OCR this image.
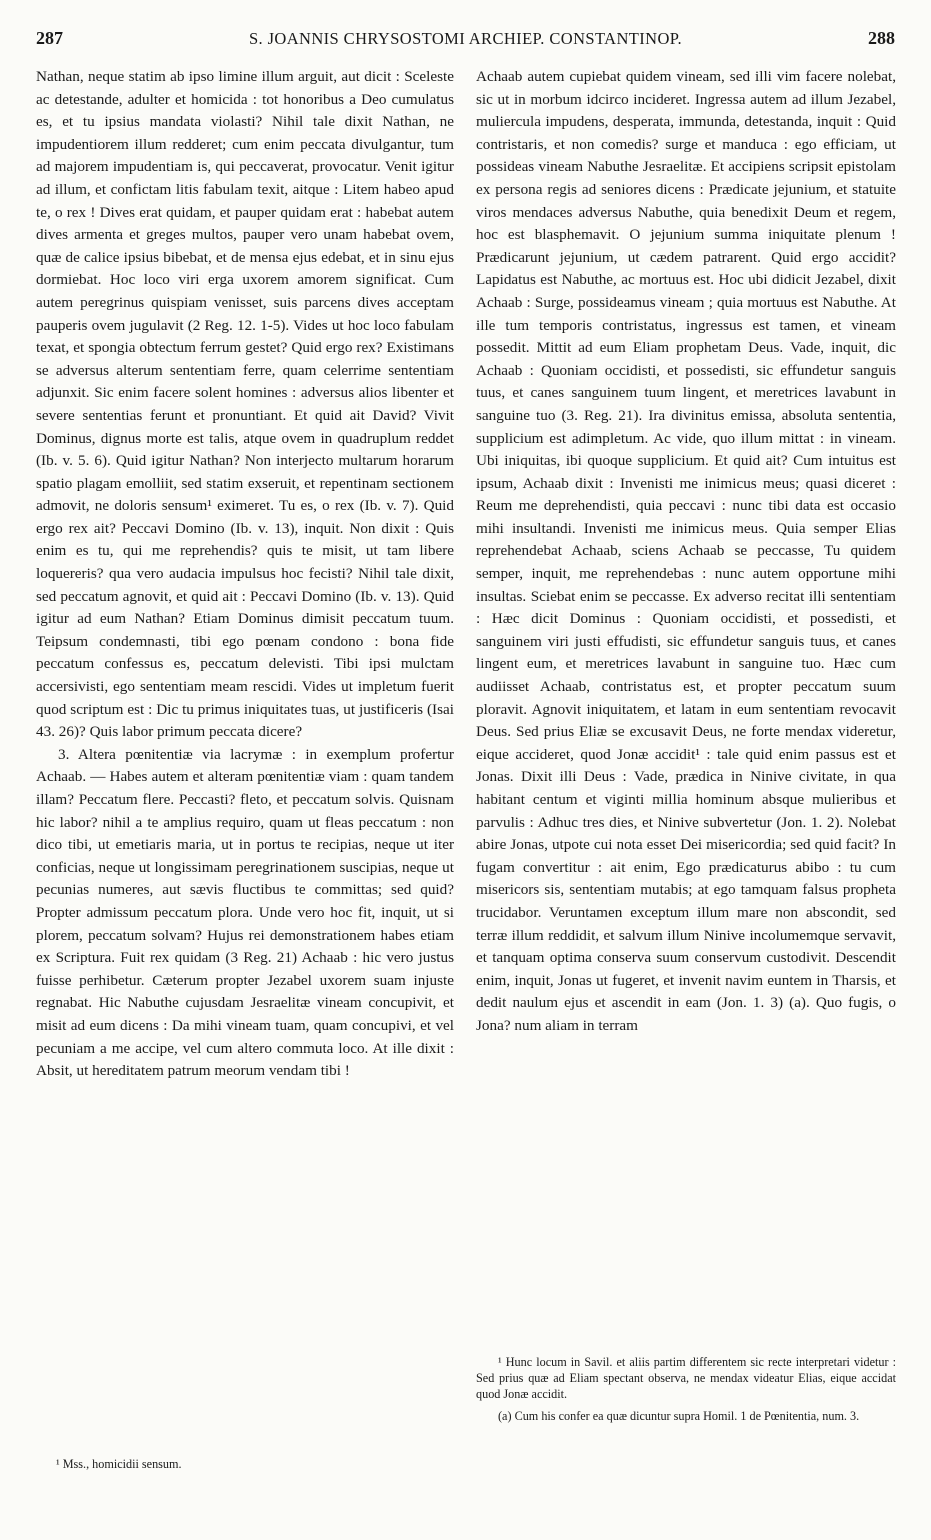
287	S. JOANNIS CHRYSOSTOMI ARCHIEP. CONSTANTINOP.	288

Nathan, neque statim ab ipso limine illum arguit, aut dicit : Sceleste ac detestande, adulter et homicida : tot honoribus a Deo cumulatus es, et tu ipsius mandata violasti? Nihil tale dixit Nathan, ne impudentiorem illum redderet; cum enim peccata divulgantur, tum ad majorem impudentiam is, qui peccaverat, provocatur. Venit igitur ad illum, et confictam litis fabulam texit, aitque : Litem habeo apud te, o rex ! Dives erat quidam, et pauper quidam erat : habebat autem dives armenta et greges multos, pauper vero unam habebat ovem, quæ de calice ipsius bibebat, et de mensa ejus edebat, et in sinu ejus dormiebat. Hoc loco viri erga uxorem amorem significat. Cum autem peregrinus quispiam venisset, suis parcens dives acceptam pauperis ovem jugulavit (2 Reg. 12. 1-5). Vides ut hoc loco fabulam texat, et spongia obtectum ferrum gestet? Quid ergo rex? Existimans se adversus alterum sententiam ferre, quam celerrime sententiam adjunxit. Sic enim facere solent homines : adversus alios libenter et severe sententias ferunt et pronuntiant. Et quid ait David? Vivit Dominus, dignus morte est talis, atque ovem in quadruplum reddet (Ib. v. 5. 6). Quid igitur Nathan? Non interjecto multarum horarum spatio plagam emolliit, sed statim exseruit, et repentinam sectionem admovit, ne doloris sensum¹ eximeret. Tu es, o rex (Ib. v. 7). Quid ergo rex ait? Peccavi Domino (Ib. v. 13), inquit. Non dixit : Quis enim es tu, qui me reprehendis? quis te misit, ut tam libere loquereris? qua vero audacia impulsus hoc fecisti? Nihil tale dixit, sed peccatum agnovit, et quid ait : Peccavi Domino (Ib. v. 13). Quid igitur ad eum Nathan? Etiam Dominus dimisit peccatum tuum. Teipsum condemnasti, tibi ego pœnam condono : bona fide peccatum confessus es, peccatum delevisti. Tibi ipsi mulctam accersivisti, ego sententiam meam rescidi. Vides ut impletum fuerit quod scriptum est : Dic tu primus iniquitates tuas, ut justificeris (Isai 43. 26)? Quis labor primum peccata dicere?

3. Altera pœnitentiæ via lacrymæ : in exemplum profertur Achaab. — Habes autem et alteram pœnitentiæ viam : quam tandem illam? Peccatum flere. Peccasti? fleto, et peccatum solvis. Quisnam hic labor? nihil a te amplius requiro, quam ut fleas peccatum : non dico tibi, ut emetiaris maria, ut in portus te recipias, neque ut iter conficias, neque ut longissimam peregrinationem suscipias, neque ut pecunias numeres, aut sævis fluctibus te committas; sed quid? Propter admissum peccatum plora. Unde vero hoc fit, inquit, ut si plorem, peccatum solvam? Hujus rei demonstrationem habes etiam ex Scriptura. Fuit rex quidam (3 Reg. 21) Achaab : hic vero justus fuisse perhibetur. Cæterum propter Jezabel uxorem suam injuste regnabat. Hic Nabuthe cujusdam Jesraelitæ vineam concupivit, et misit ad eum dicens : Da mihi vineam tuam, quam concupivi, et vel pecuniam a me accipe, vel cum altero commuta loco. At ille dixit : Absit, ut hereditatem patrum meorum vendam tibi !

Achaab autem cupiebat quidem vineam, sed illi vim facere nolebat, sic ut in morbum idcirco incideret. Ingressa autem ad illum Jezabel, muliercula impudens, desperata, immunda, detestanda, inquit : Quid contristaris, et non comedis? surge et manduca : ego efficiam, ut possideas vineam Nabuthe Jesraelitæ. Et accipiens scripsit epistolam ex persona regis ad seniores dicens : Prædicate jejunium, et statuite viros mendaces adversus Nabuthe, quia benedixit Deum et regem, hoc est blasphemavit. O jejunium summa iniquitate plenum ! Prædicarunt jejunium, ut cædem patrarent. Quid ergo accidit? Lapidatus est Nabuthe, ac mortuus est. Hoc ubi didicit Jezabel, dixit Achaab : Surge, possideamus vineam ; quia mortuus est Nabuthe. At ille tum temporis contristatus, ingressus est tamen, et vineam possedit. Mittit ad eum Eliam prophetam Deus. Vade, inquit, dic Achaab : Quoniam occidisti, et possedisti, sic effundetur sanguis tuus, et canes sanguinem tuum lingent, et meretrices lavabunt in sanguine tuo (3. Reg. 21). Ira divinitus emissa, absoluta sententia, supplicium est adimpletum. Ac vide, quo illum mittat : in vineam. Ubi iniquitas, ibi quoque supplicium. Et quid ait? Cum intuitus est ipsum, Achaab dixit : Invenisti me inimicus meus; quasi diceret : Reum me deprehendisti, quia peccavi : nunc tibi data est occasio mihi insultandi. Invenisti me inimicus meus. Quia semper Elias reprehendebat Achaab, sciens Achaab se peccasse, Tu quidem semper, inquit, me reprehendebas : nunc autem opportune mihi insultas. Sciebat enim se peccasse. Ex adverso recitat illi sententiam : Hæc dicit Dominus : Quoniam occidisti, et possedisti, et sanguinem viri justi effudisti, sic effundetur sanguis tuus, et canes lingent eum, et meretrices lavabunt in sanguine tuo. Hæc cum audiisset Achaab, contristatus est, et propter peccatum suum ploravit. Agnovit iniquitatem, et latam in eum sententiam revocavit Deus. Sed prius Eliæ se excusavit Deus, ne forte mendax videretur, eique accideret, quod Jonæ accidit¹ : tale quid enim passus est et Jonas. Dixit illi Deus : Vade, prædica in Ninive civitate, in qua habitant centum et viginti millia hominum absque mulieribus et parvulis : Adhuc tres dies, et Ninive subvertetur (Jon. 1. 2). Nolebat abire Jonas, utpote cui nota esset Dei misericordia; sed quid facit? In fugam convertitur : ait enim, Ego prædicaturus abibo : tu cum misericors sis, sententiam mutabis; at ego tamquam falsus propheta trucidabor. Veruntamen exceptum illum mare non abscondit, sed terræ illum reddidit, et salvum illum Ninive incolumemque servavit, et tanquam optima conserva suum conservum custodivit. Descendit enim, inquit, Jonas ut fugeret, et invenit navim euntem in Tharsis, et dedit naulum ejus et ascendit in eam (Jon. 1. 3) (a). Quo fugis, o Jona? num aliam in terram

¹ Mss., homicidii sensum.

¹ Hunc locum in Savil. et aliis partim differentem sic recte interpretari videtur : Sed prius quæ ad Eliam spectant observa, ne mendax videatur Elias, eique accidat quod Jonæ accidit.

(a) Cum his confer ea quæ dicuntur supra Homil. 1 de Pœnitentia, num. 3.
